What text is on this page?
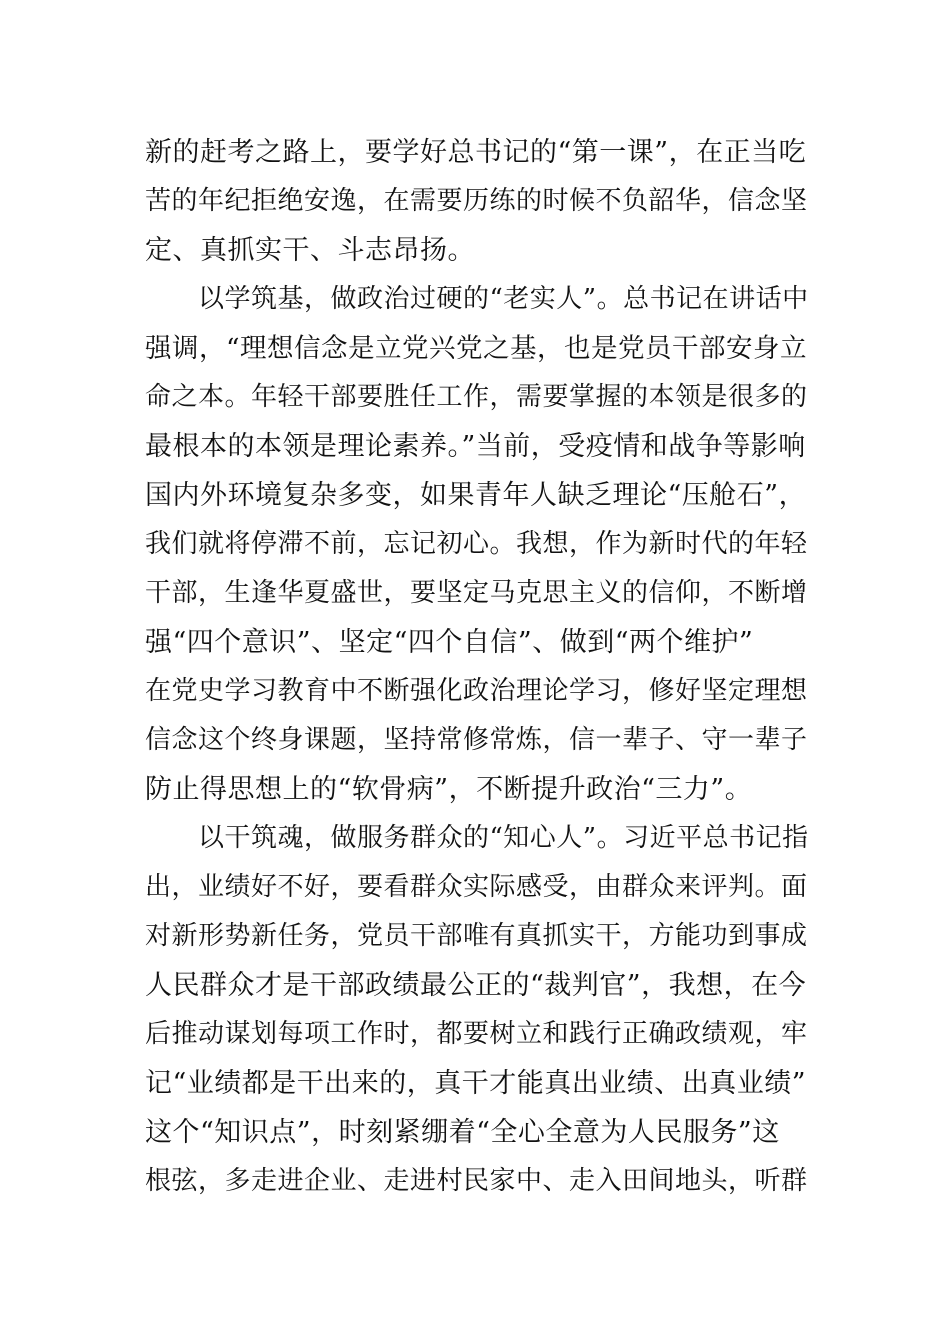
新的赶考之路上，要学好总书记的“第一课”，在正当吃
苦的年纪拒绝安逸，在需要历练的时候不负韶华，信念坚
定、真抓实干、斗志昂扬。
　　以学筑基，做政治过硬的“老实人”。总书记在讲话中
强调，“理想信念是立党兴党之基，也是党员干部安身立
命之本。年轻干部要胜任工作，需要掌握的本领是很多的
最根本的本领是理论素养。”当前，受疫情和战争等影响
国内外环境复杂多变，如果青年人缺乏理论“压舱石”，
我们就将停滞不前，忘记初心。我想，作为新时代的年轻
干部，生逢华夏盛世，要坚定马克思主义的信仰，不断增
强“四个意识”、坚定“四个自信”、做到“两个维护”
在党史学习教育中不断强化政治理论学习，修好坚定理想
信念这个终身课题，坚持常修常炼，信一辈子、守一辈子
防止得思想上的“软骨病”，不断提升政治“三力”。
　　以干筑魂，做服务群众的“知心人”。习近平总书记指
出，业绩好不好，要看群众实际感受，由群众来评判。面
对新形势新任务，党员干部唯有真抓实干，方能功到事成
人民群众才是干部政绩最公正的“裁判官”，我想，在今
后推动谋划每项工作时，都要树立和践行正确政绩观，牢
记“业绩都是干出来的，真干才能真出业绩、出真业绩”
这个“知识点”，时刻紧绷着“全心全意为人民服务”这
根弦，多走进企业、走进村民家中、走入田间地头，听群
